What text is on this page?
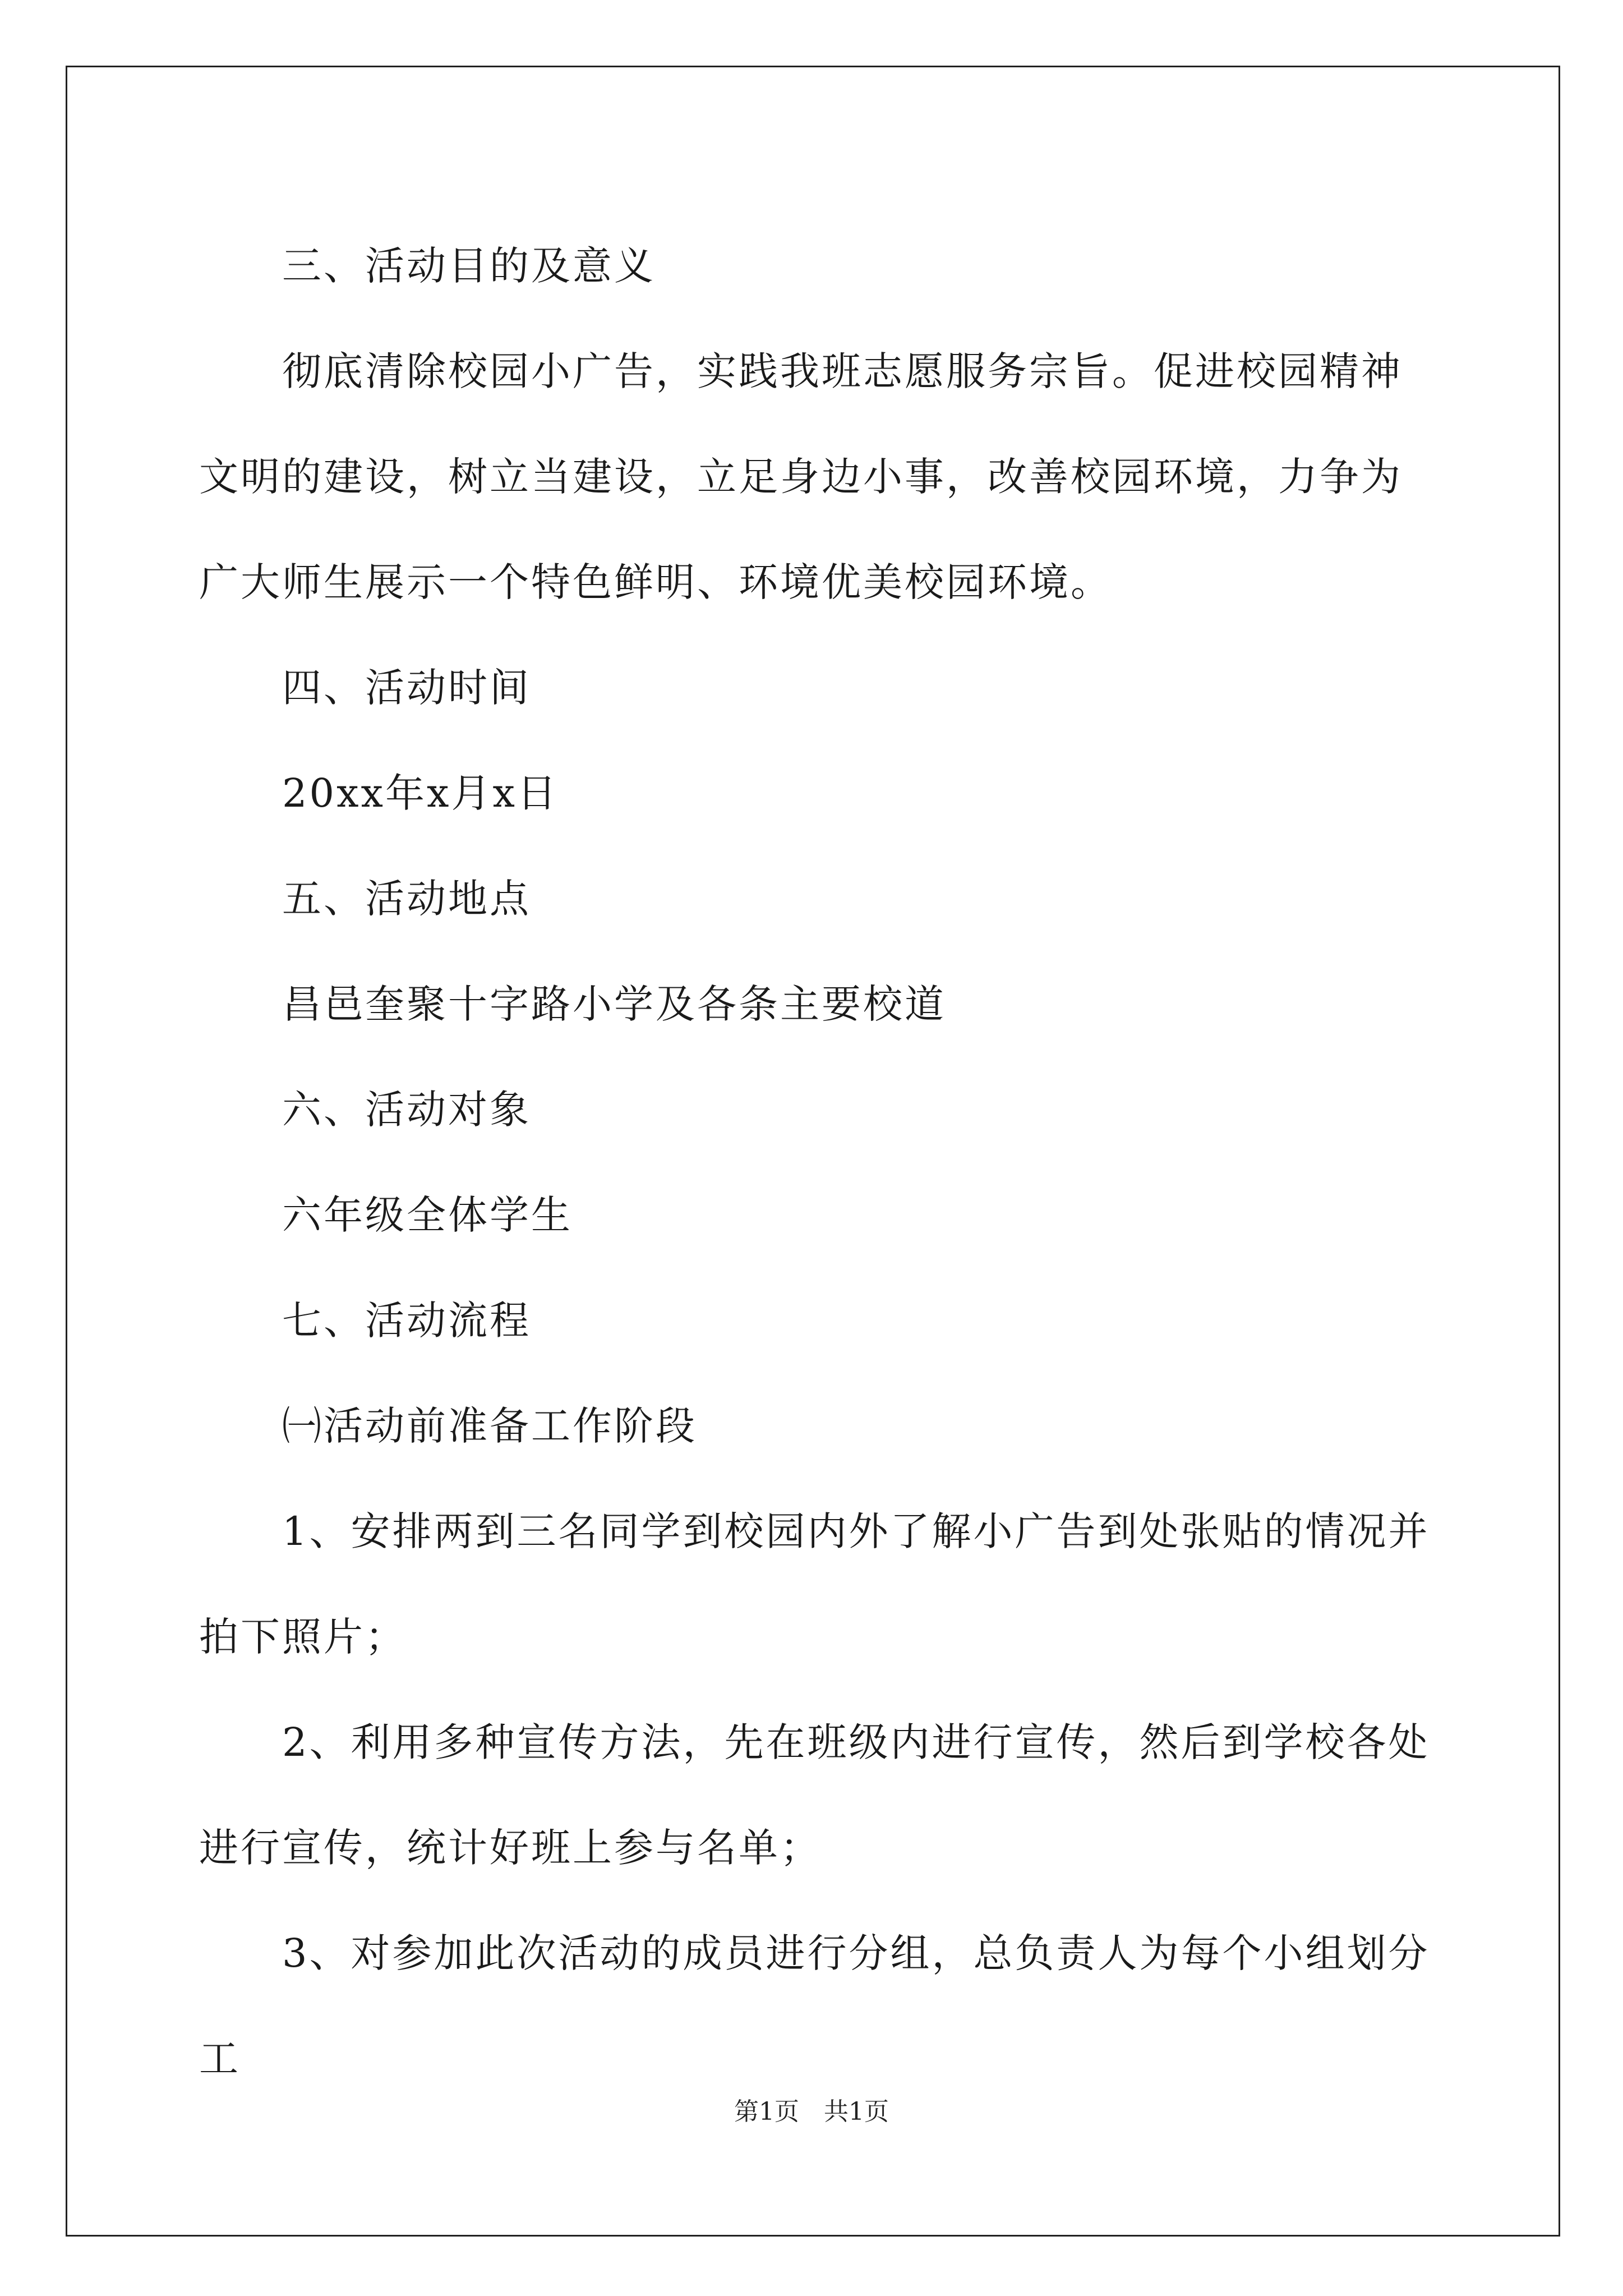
三、活动目的及意义

彻底清除校园小广告，实践我班志愿服务宗旨。促进校园精神文明的建设，树立当建设，立足身边小事，改善校园环境，力争为广大师生展示一个特色鲜明、环境优美校园环境。

四、活动时间

20xx年x月x日

五、活动地点

昌邑奎聚十字路小学及各条主要校道

六、活动对象

六年级全体学生

七、活动流程

㈠活动前准备工作阶段

1、安排两到三名同学到校园内外了解小广告到处张贴的情况并拍下照片；

2、利用多种宣传方法，先在班级内进行宣传，然后到学校各处进行宣传，统计好班上参与名单；

3、对参加此次活动的成员进行分组，总负责人为每个小组划分工

第1页　共1页
